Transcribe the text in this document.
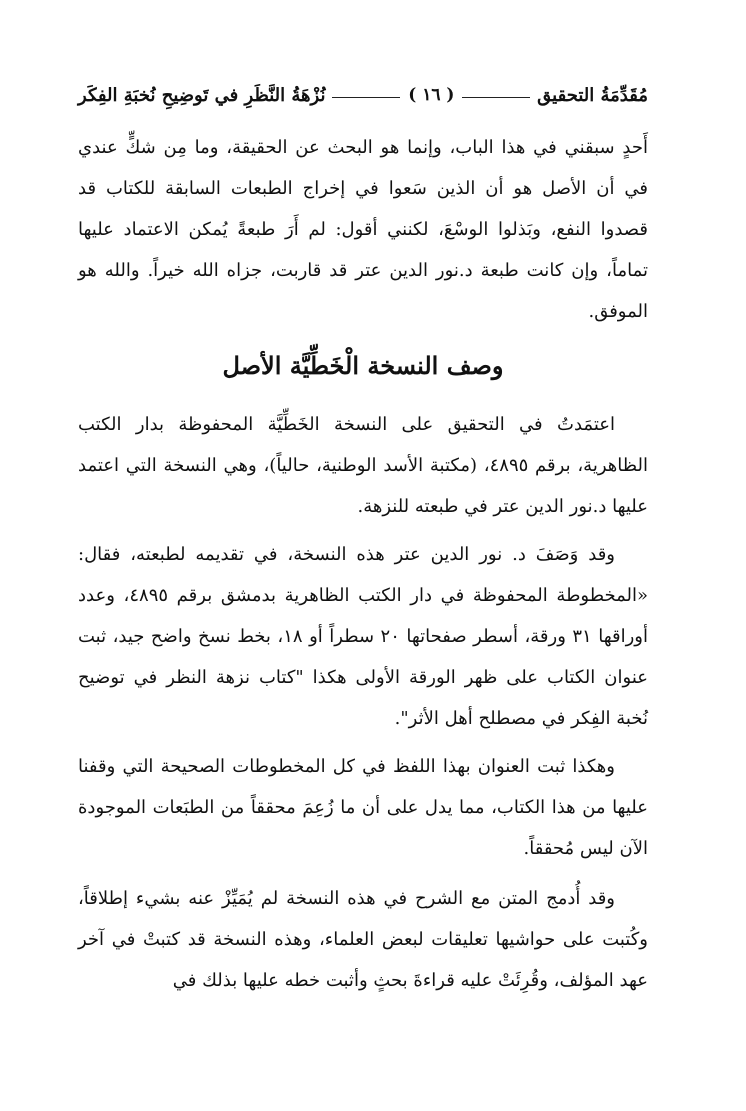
مُقَدِّمَةُ التحقيق
( ١٦ )
نُزْهَةُ النَّظَرِ في تَوضِيحِ نُخبَةِ الفِكَر

أَحدٍ سبقني في هذا الباب، وإنما هو البحث عن الحقيقة، وما مِن شكٍّ عندي في أن الأصل هو أن الذين سَعوا في إخراج الطبعات السابقة للكتاب قد قصدوا النفع، وبَذلوا الوسْعَ، لكنني أقول: لم أَرَ طبعةً يُمكن الاعتماد عليها تماماً، وإن كانت طبعة د.نور الدين عتر قد قاربت، جزاه الله خيراً. والله هو الموفق.

وصف النسخة الْخَطِّيَّة الأصل

اعتمَدتُ في التحقيق على النسخة الخَطِّيَّة المحفوظة بدار الكتب الظاهرية، برقم ٤٨٩٥، (مكتبة الأسد الوطنية، حالياً)، وهي النسخة التي اعتمد عليها د.نور الدين عتر في طبعته للنزهة.

وقد وَصَفَ د. نور الدين عتر هذه النسخة، في تقديمه لطبعته، فقال: «المخطوطة المحفوظة في دار الكتب الظاهرية بدمشق برقم ٤٨٩٥، وعدد أوراقها ٣١ ورقة، أسطر صفحاتها ٢٠ سطراً أو ١٨، بخط نسخ واضح جيد، ثبت عنوان الكتاب على ظهر الورقة الأولى هكذا "كتاب نزهة النظر في توضيح نُخبة الفِكر في مصطلح أهل الأثر".

وهكذا ثبت العنوان بهذا اللفظ في كل المخطوطات الصحيحة التي وقفنا عليها من هذا الكتاب، مما يدل على أن ما زُعِمَ محققاً من الطبَعات الموجودة الآن ليس مُحققاً.

وقد أُدمج المتن مع الشرح في هذه النسخة لم يُمَيِّزْ عنه بشيء إطلاقاً، وكُتبت على حواشيها تعليقات لبعض العلماء، وهذه النسخة قد كتبتْ في آخر عهد المؤلف، وقُرِئَتْ عليه قراءةَ بحثٍ وأثبت خطه عليها بذلك في
